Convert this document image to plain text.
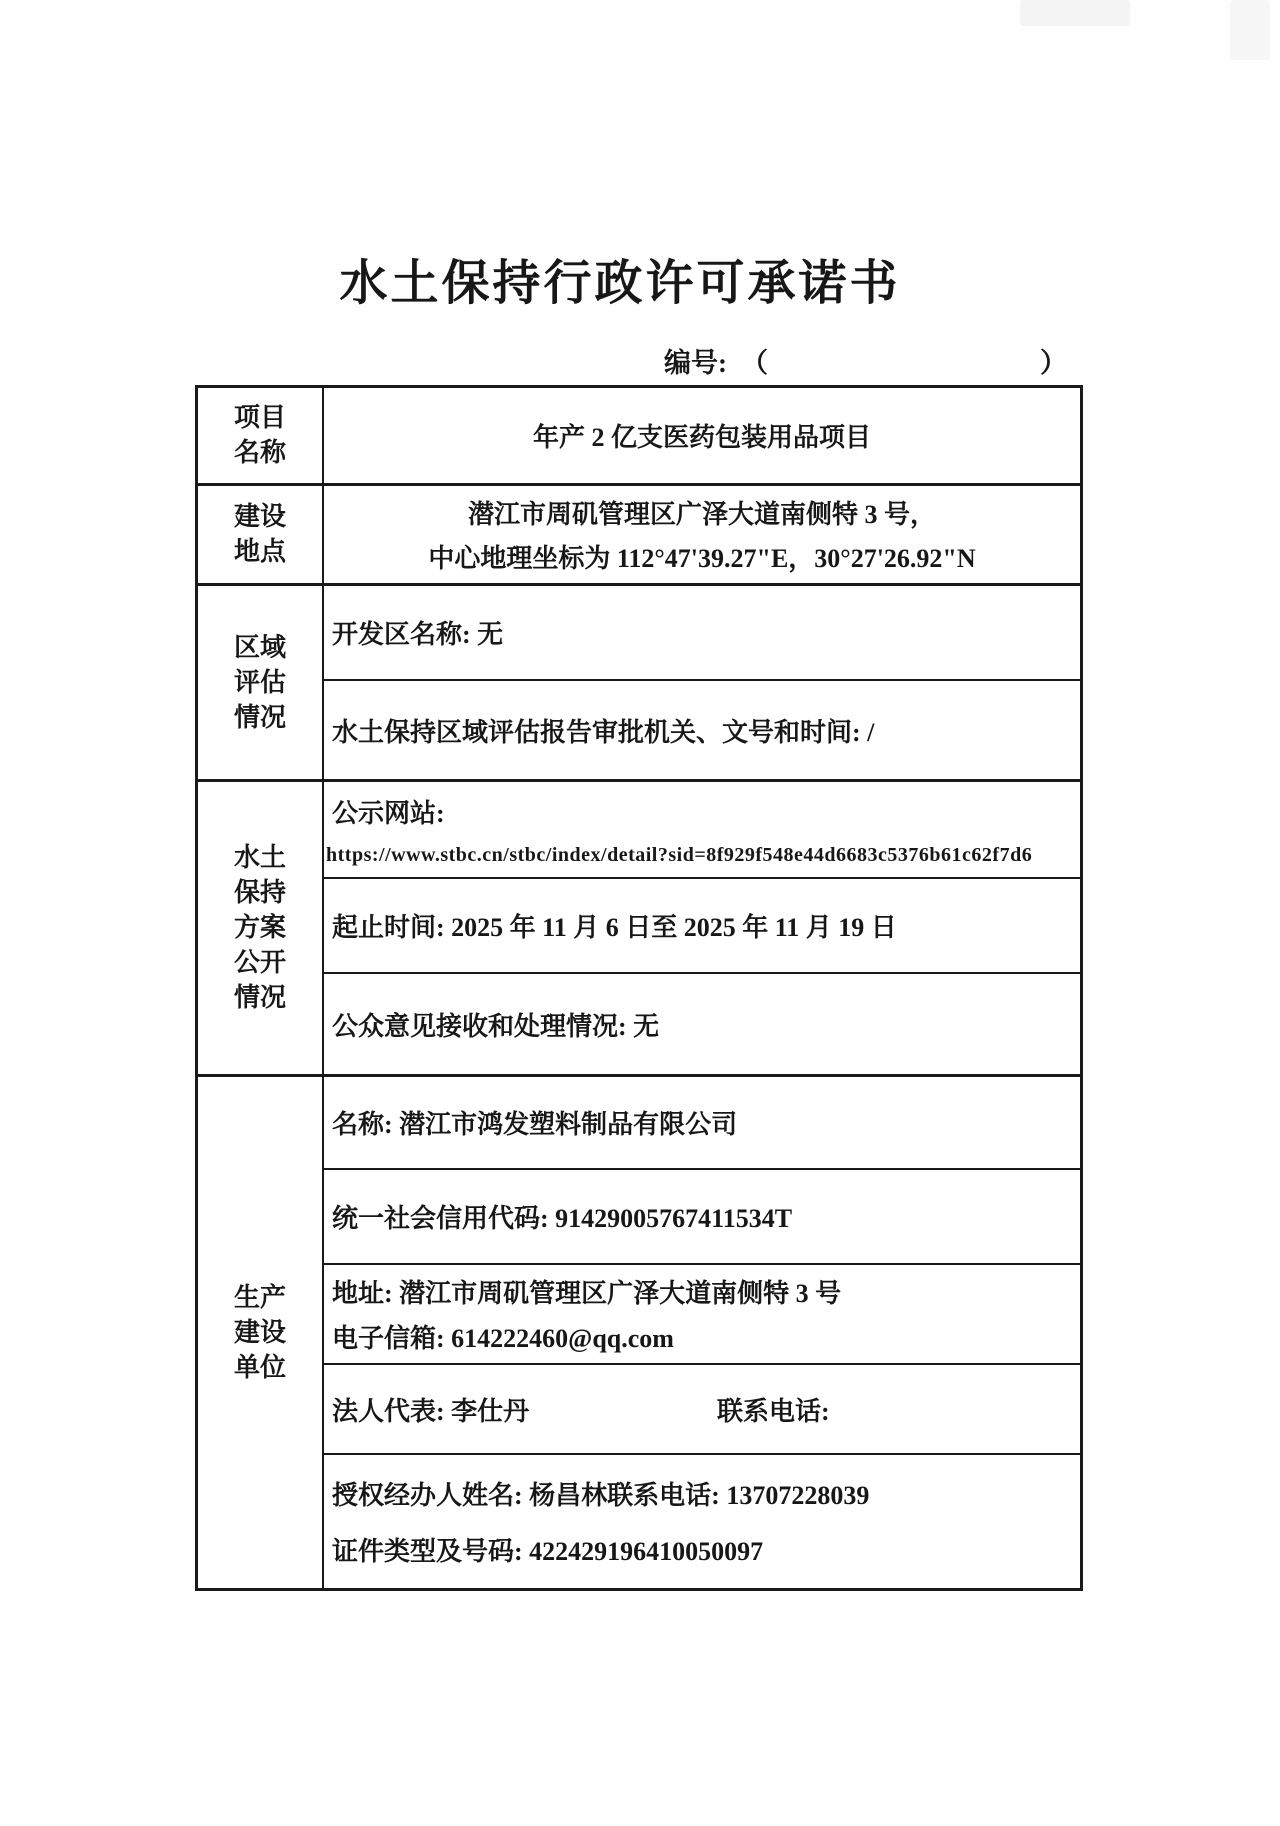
水土保持行政许可承诺书
编号: （	）
项目
名称
年产 2 亿支医药包装用品项目
建设
地点
潜江市周矶管理区广泽大道南侧特 3 号，
中心地理坐标为 112°47'39.27"E，30°27'26.92"N
区域
评估
情况
开发区名称: 无
水土保持区域评估报告审批机关、文号和时间: /
水土
保持
方案
公开
情况
公示网站:
https://www.stbc.cn/stbc/index/detail?sid=8f929f548e44d6683c5376b61c62f7d6
起止时间: 2025 年 11 月 6 日至 2025 年 11 月 19 日
公众意见接收和处理情况: 无
生产
建设
单位
名称: 潜江市鸿发塑料制品有限公司
统一社会信用代码: 91429005767411534T
地址: 潜江市周矶管理区广泽大道南侧特 3 号
电子信箱: 614222460@qq.com
法人代表: 李仕丹	联系电话:
授权经办人姓名: 杨昌林 联系电话: 13707228039
证件类型及号码: 422429196410050097
